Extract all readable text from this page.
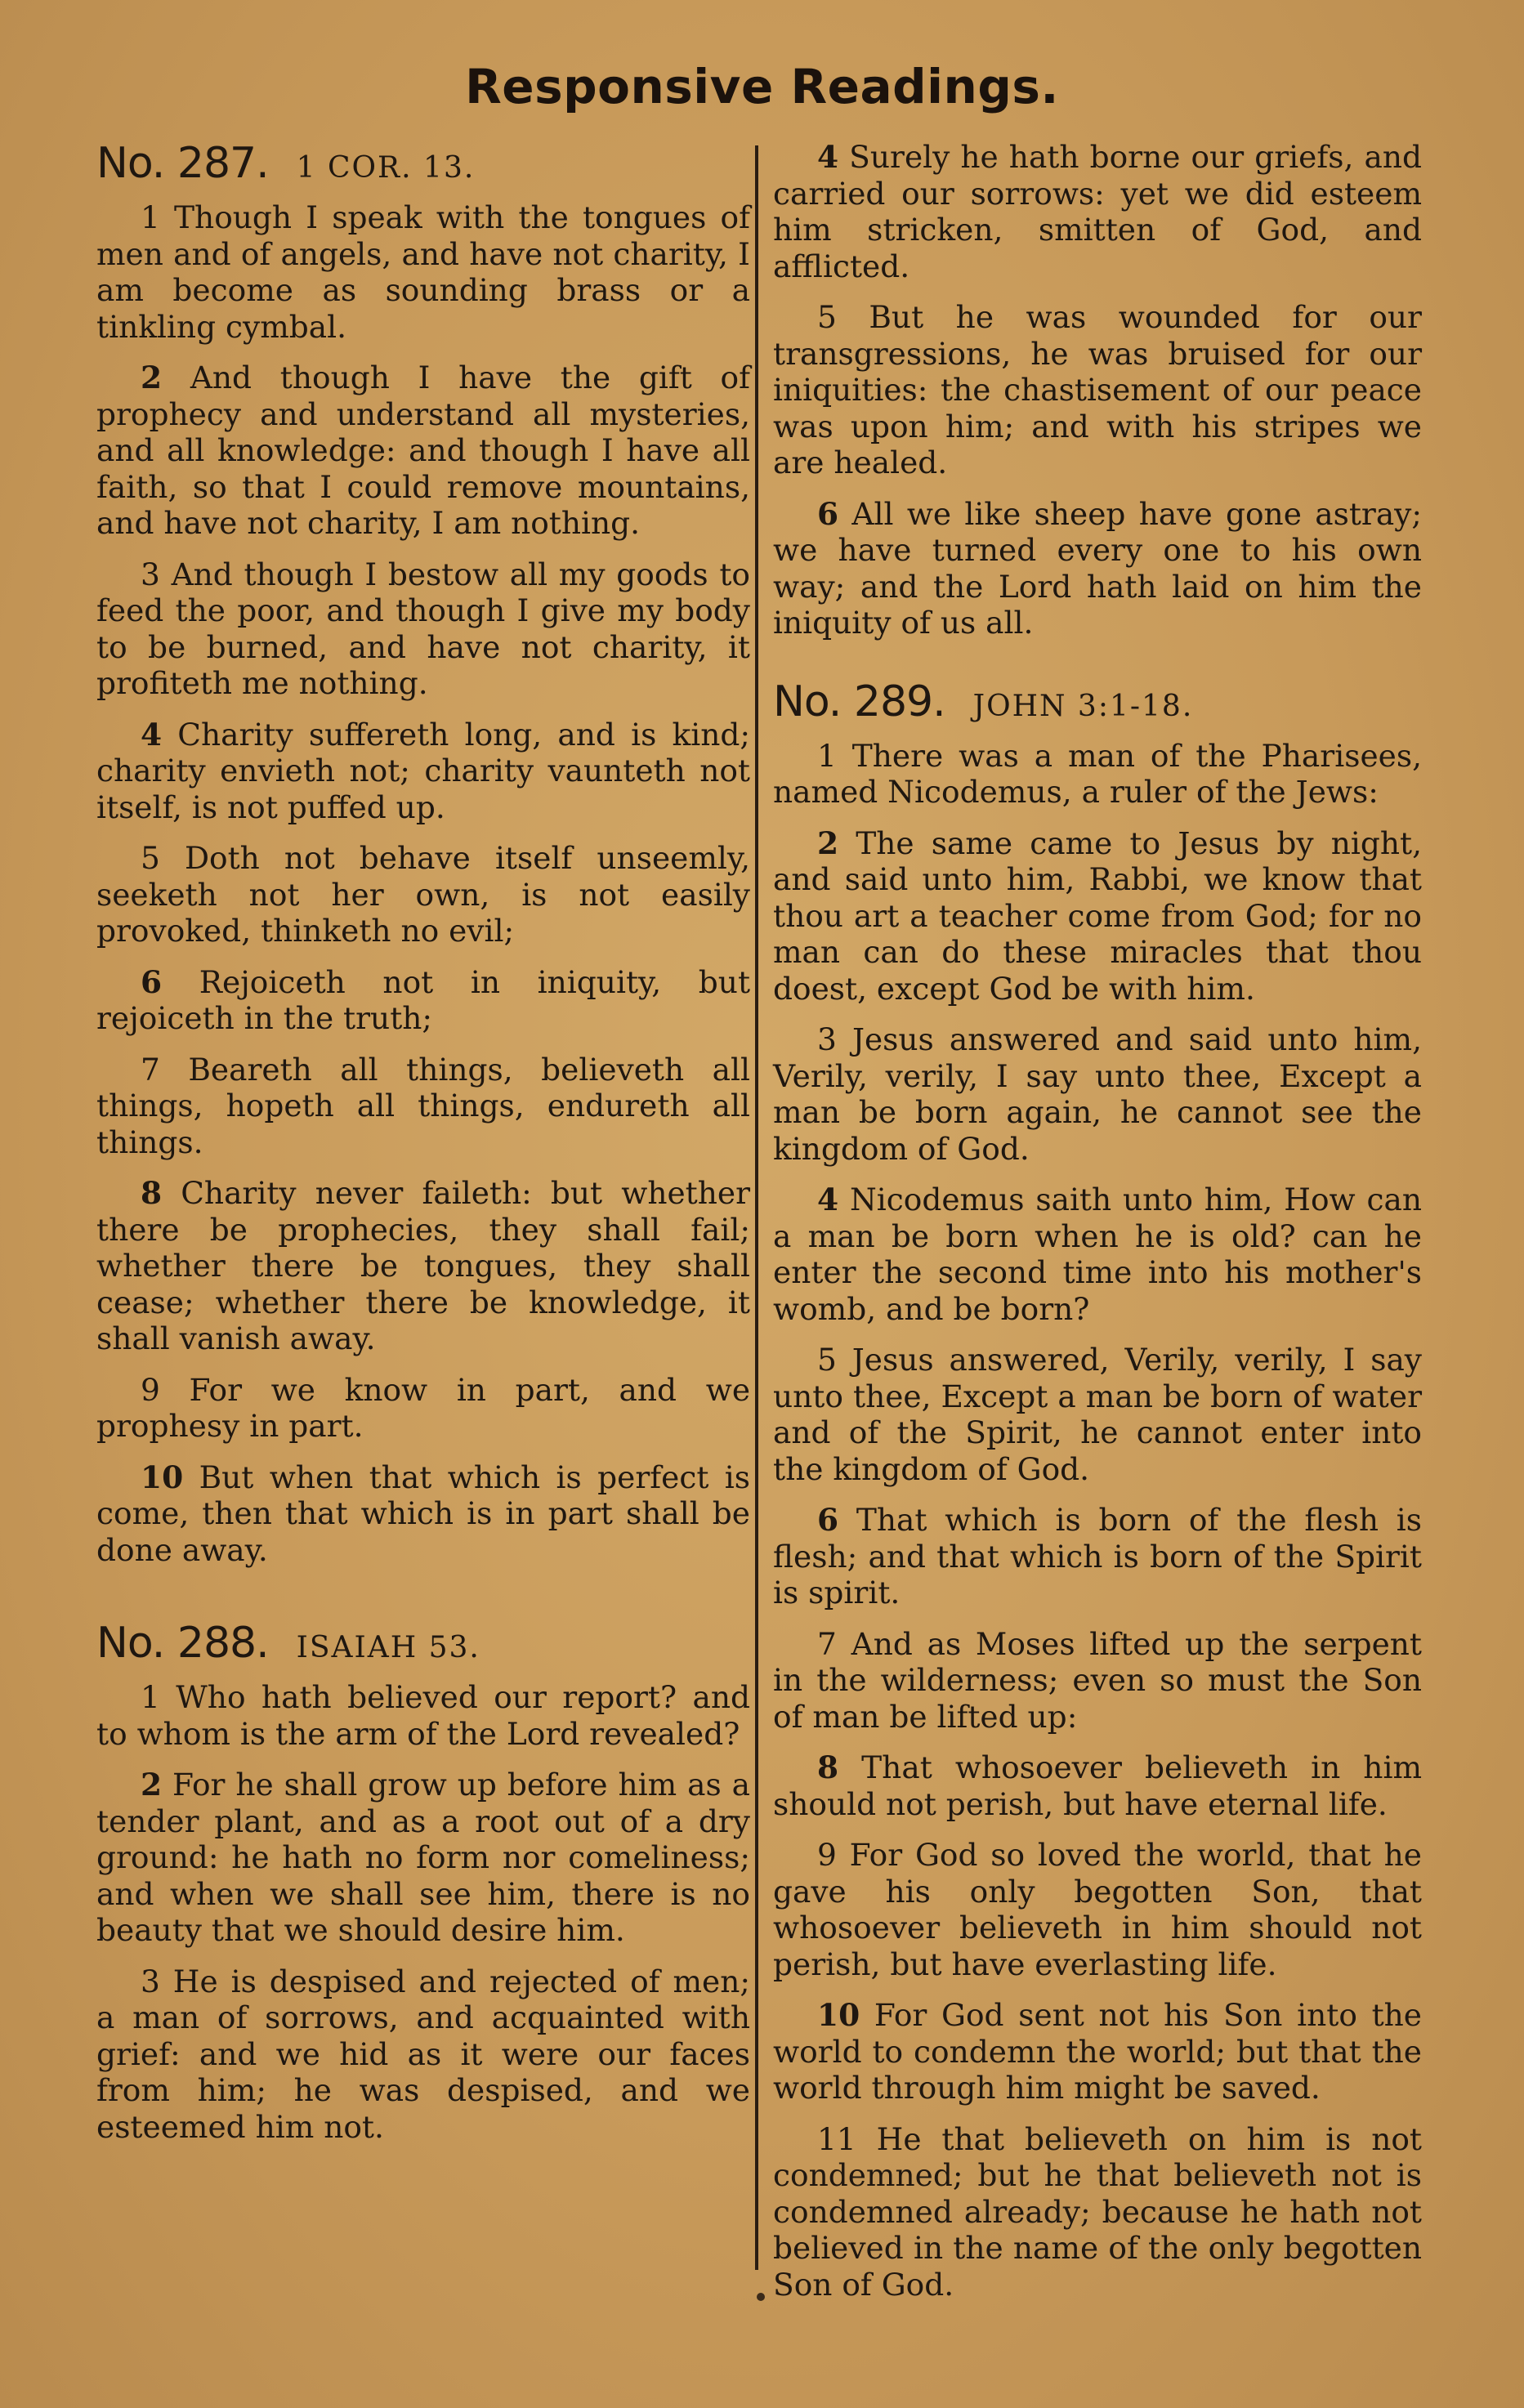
Responsive Readings.
No. 287. 1 COR. 13.

1 Though I speak with the tongues of men and of angels, and have not charity, I am become as sounding brass or a tinkling cymbal.

2 And though I have the gift of prophecy and understand all mysteries, and all knowledge: and though I have all faith, so that I could remove mountains, and have not charity, I am nothing.

3 And though I bestow all my goods to feed the poor, and though I give my body to be burned, and have not charity, it profiteth me nothing.

4 Charity suffereth long, and is kind; charity envieth not; charity vaunteth not itself, is not puffed up.

5 Doth not behave itself unseemly, seeketh not her own, is not easily provoked, thinketh no evil;

6 Rejoiceth not in iniquity, but rejoiceth in the truth;

7 Beareth all things, believeth all things, hopeth all things, endureth all things.

8 Charity never faileth: but whether there be prophecies, they shall fail; whether there be tongues, they shall cease; whether there be knowledge, it shall vanish away.

9 For we know in part, and we prophesy in part.

10 But when that which is perfect is come, then that which is in part shall be done away.

No. 288. ISAIAH 53.

1 Who hath believed our report? and to whom is the arm of the Lord revealed?

2 For he shall grow up before him as a tender plant, and as a root out of a dry ground: he hath no form nor comeliness; and when we shall see him, there is no beauty that we should desire him.

3 He is despised and rejected of men; a man of sorrows, and acquainted with grief: and we hid as it were our faces from him; he was despised, and we esteemed him not.

4 Surely he hath borne our griefs, and carried our sorrows: yet we did esteem him stricken, smitten of God, and afflicted.

5 But he was wounded for our transgressions, he was bruised for our iniquities: the chastisement of our peace was upon him; and with his stripes we are healed.

6 All we like sheep have gone astray; we have turned every one to his own way; and the Lord hath laid on him the iniquity of us all.

No. 289. JOHN 3:1-18.

1 There was a man of the Pharisees, named Nicodemus, a ruler of the Jews:

2 The same came to Jesus by night, and said unto him, Rabbi, we know that thou art a teacher come from God; for no man can do these miracles that thou doest, except God be with him.

3 Jesus answered and said unto him, Verily, verily, I say unto thee, Except a man be born again, he cannot see the kingdom of God.

4 Nicodemus saith unto him, How can a man be born when he is old? can he enter the second time into his mother's womb, and be born?

5 Jesus answered, Verily, verily, I say unto thee, Except a man be born of water and of the Spirit, he cannot enter into the kingdom of God.

6 That which is born of the flesh is flesh; and that which is born of the Spirit is spirit.

7 And as Moses lifted up the serpent in the wilderness; even so must the Son of man be lifted up:

8 That whosoever believeth in him should not perish, but have eternal life.

9 For God so loved the world, that he gave his only begotten Son, that whosoever believeth in him should not perish, but have everlasting life.

10 For God sent not his Son into the world to condemn the world; but that the world through him might be saved.

11 He that believeth on him is not condemned; but he that believeth not is condemned already; because he hath not believed in the name of the only begotten Son of God.
